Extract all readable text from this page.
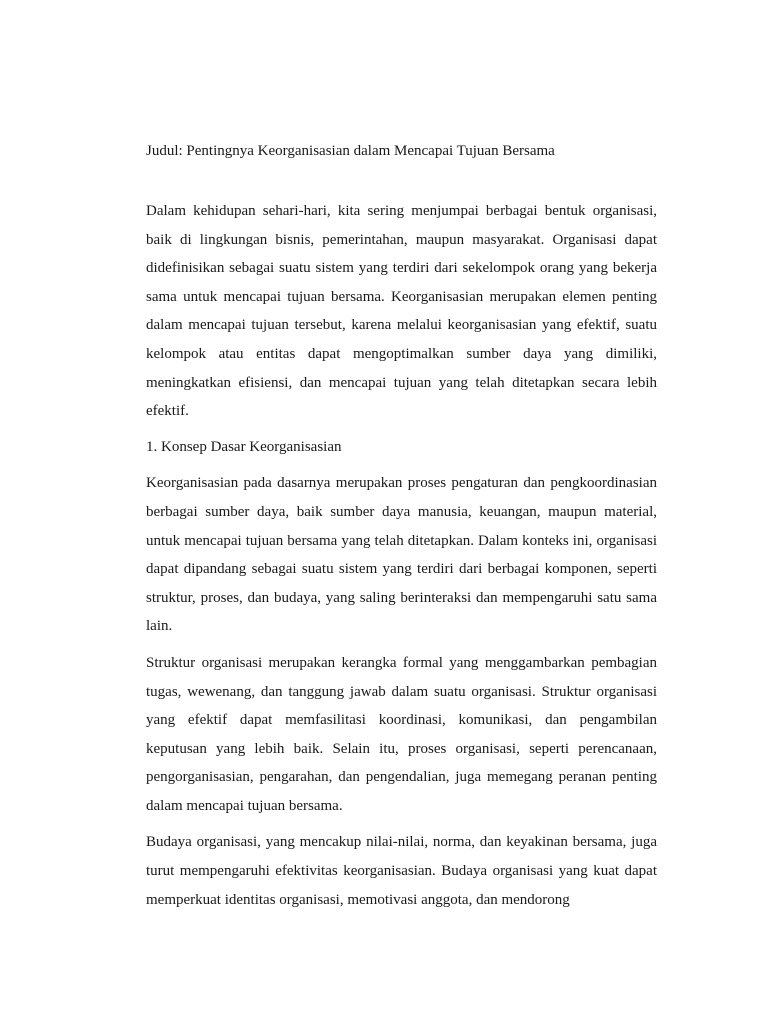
Judul: Pentingnya Keorganisasian dalam Mencapai Tujuan Bersama

Dalam kehidupan sehari-hari, kita sering menjumpai berbagai bentuk organisasi, baik di lingkungan bisnis, pemerintahan, maupun masyarakat. Organisasi dapat didefinisikan sebagai suatu sistem yang terdiri dari sekelompok orang yang bekerja sama untuk mencapai tujuan bersama. Keorganisasian merupakan elemen penting dalam mencapai tujuan tersebut, karena melalui keorganisasian yang efektif, suatu kelompok atau entitas dapat mengoptimalkan sumber daya yang dimiliki, meningkatkan efisiensi, dan mencapai tujuan yang telah ditetapkan secara lebih efektif.

1. Konsep Dasar Keorganisasian

Keorganisasian pada dasarnya merupakan proses pengaturan dan pengkoordinasian berbagai sumber daya, baik sumber daya manusia, keuangan, maupun material, untuk mencapai tujuan bersama yang telah ditetapkan. Dalam konteks ini, organisasi dapat dipandang sebagai suatu sistem yang terdiri dari berbagai komponen, seperti struktur, proses, dan budaya, yang saling berinteraksi dan mempengaruhi satu sama lain.

Struktur organisasi merupakan kerangka formal yang menggambarkan pembagian tugas, wewenang, dan tanggung jawab dalam suatu organisasi. Struktur organisasi yang efektif dapat memfasilitasi koordinasi, komunikasi, dan pengambilan keputusan yang lebih baik. Selain itu, proses organisasi, seperti perencanaan, pengorganisasian, pengarahan, dan pengendalian, juga memegang peranan penting dalam mencapai tujuan bersama.

Budaya organisasi, yang mencakup nilai-nilai, norma, dan keyakinan bersama, juga turut mempengaruhi efektivitas keorganisasian. Budaya organisasi yang kuat dapat memperkuat identitas organisasi, memotivasi anggota, dan mendorong
